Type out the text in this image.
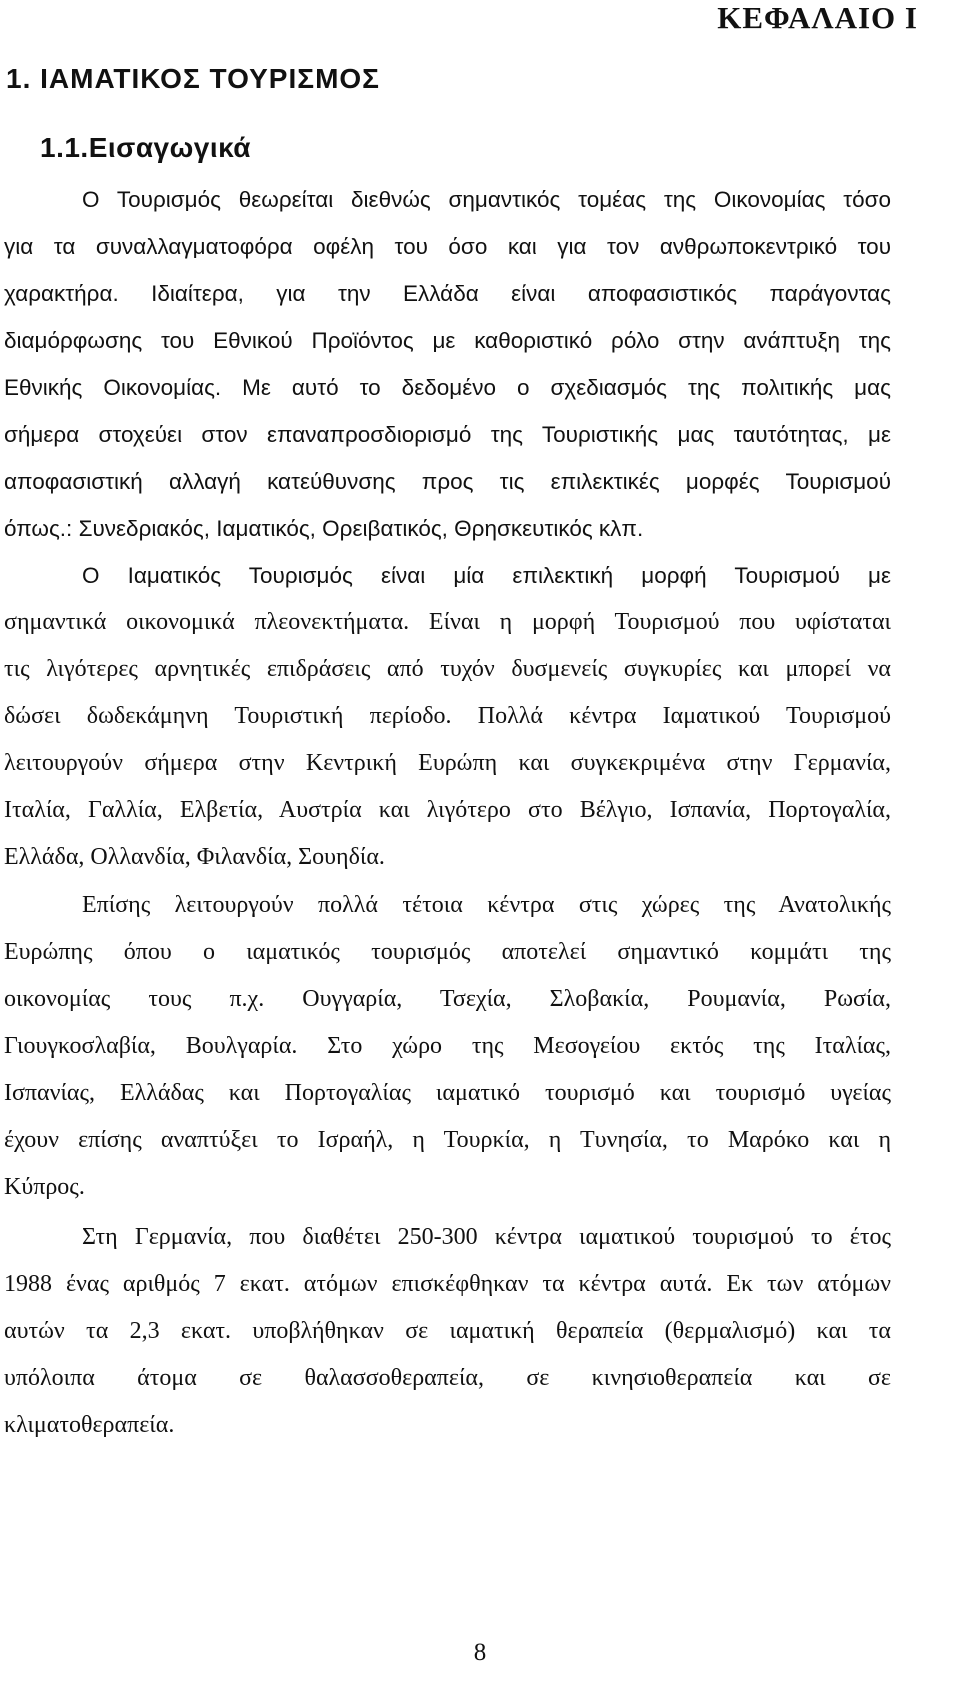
ΚΕΦΑΛΑΙΟ Ι
1. ΙΑΜΑΤΙΚΟΣ ΤΟΥΡΙΣΜΟΣ
1.1.Εισαγωγικά
Ο Τουρισμός θεωρείται διεθνώς σημαντικός τομέας της Οικονομίας τόσο
για τα συναλλαγματοφόρα οφέλη του όσο και για τον ανθρωποκεντρικό του
χαρακτήρα. Ιδιαίτερα, για την Ελλάδα είναι αποφασιστικός παράγοντας
διαμόρφωσης του Εθνικού Προϊόντος με καθοριστικό ρόλο στην ανάπτυξη της
Εθνικής Οικονομίας. Με αυτό το δεδομένο ο σχεδιασμός της πολιτικής μας
σήμερα στοχεύει στον επαναπροσδιορισμό της Τουριστικής μας ταυτότητας, με
αποφασιστική αλλαγή κατεύθυνσης προς τις επιλεκτικές μορφές Τουρισμού
όπως.: Συνεδριακός, Ιαματικός, Ορειβατικός, Θρησκευτικός κλπ.
Ο Ιαματικός Τουρισμός είναι μία επιλεκτική μορφή Τουρισμού με
σημαντικά οικονομικά πλεονεκτήματα. Είναι η μορφή Τουρισμού που υφίσταται
τις λιγότερες αρνητικές επιδράσεις από τυχόν δυσμενείς συγκυρίες και μπορεί να
δώσει δωδεκάμηνη Τουριστική περίοδο. Πολλά κέντρα Ιαματικού Τουρισμού
λειτουργούν σήμερα στην Κεντρική Ευρώπη και συγκεκριμένα στην Γερμανία,
Ιταλία, Γαλλία, Ελβετία, Αυστρία και λιγότερο στο Βέλγιο, Ισπανία, Πορτογαλία,
Ελλάδα, Ολλανδία, Φιλανδία, Σουηδία.
Επίσης λειτουργούν πολλά τέτοια κέντρα στις χώρες της Ανατολικής
Ευρώπης όπου ο ιαματικός τουρισμός αποτελεί σημαντικό κομμάτι της
οικονομίας τους π.χ. Ουγγαρία, Τσεχία, Σλοβακία, Ρουμανία, Ρωσία,
Γιουγκοσλαβία, Βουλγαρία. Στο χώρο της Μεσογείου εκτός της Ιταλίας,
Ισπανίας, Ελλάδας και Πορτογαλίας ιαματικό τουρισμό και τουρισμό υγείας
έχουν επίσης αναπτύξει το Ισραήλ, η Τουρκία, η Τυνησία, το Μαρόκο και η
Κύπρος.
Στη Γερμανία, που διαθέτει 250-300 κέντρα ιαματικού τουρισμού το έτος
1988 ένας αριθμός 7 εκατ. ατόμων επισκέφθηκαν τα κέντρα αυτά. Εκ των ατόμων
αυτών τα 2,3 εκατ. υποβλήθηκαν σε ιαματική θεραπεία (θερμαλισμό) και τα
υπόλοιπα άτομα σε θαλασσοθεραπεία, σε κινησιοθεραπεία και σε
κλιματοθεραπεία.
8
